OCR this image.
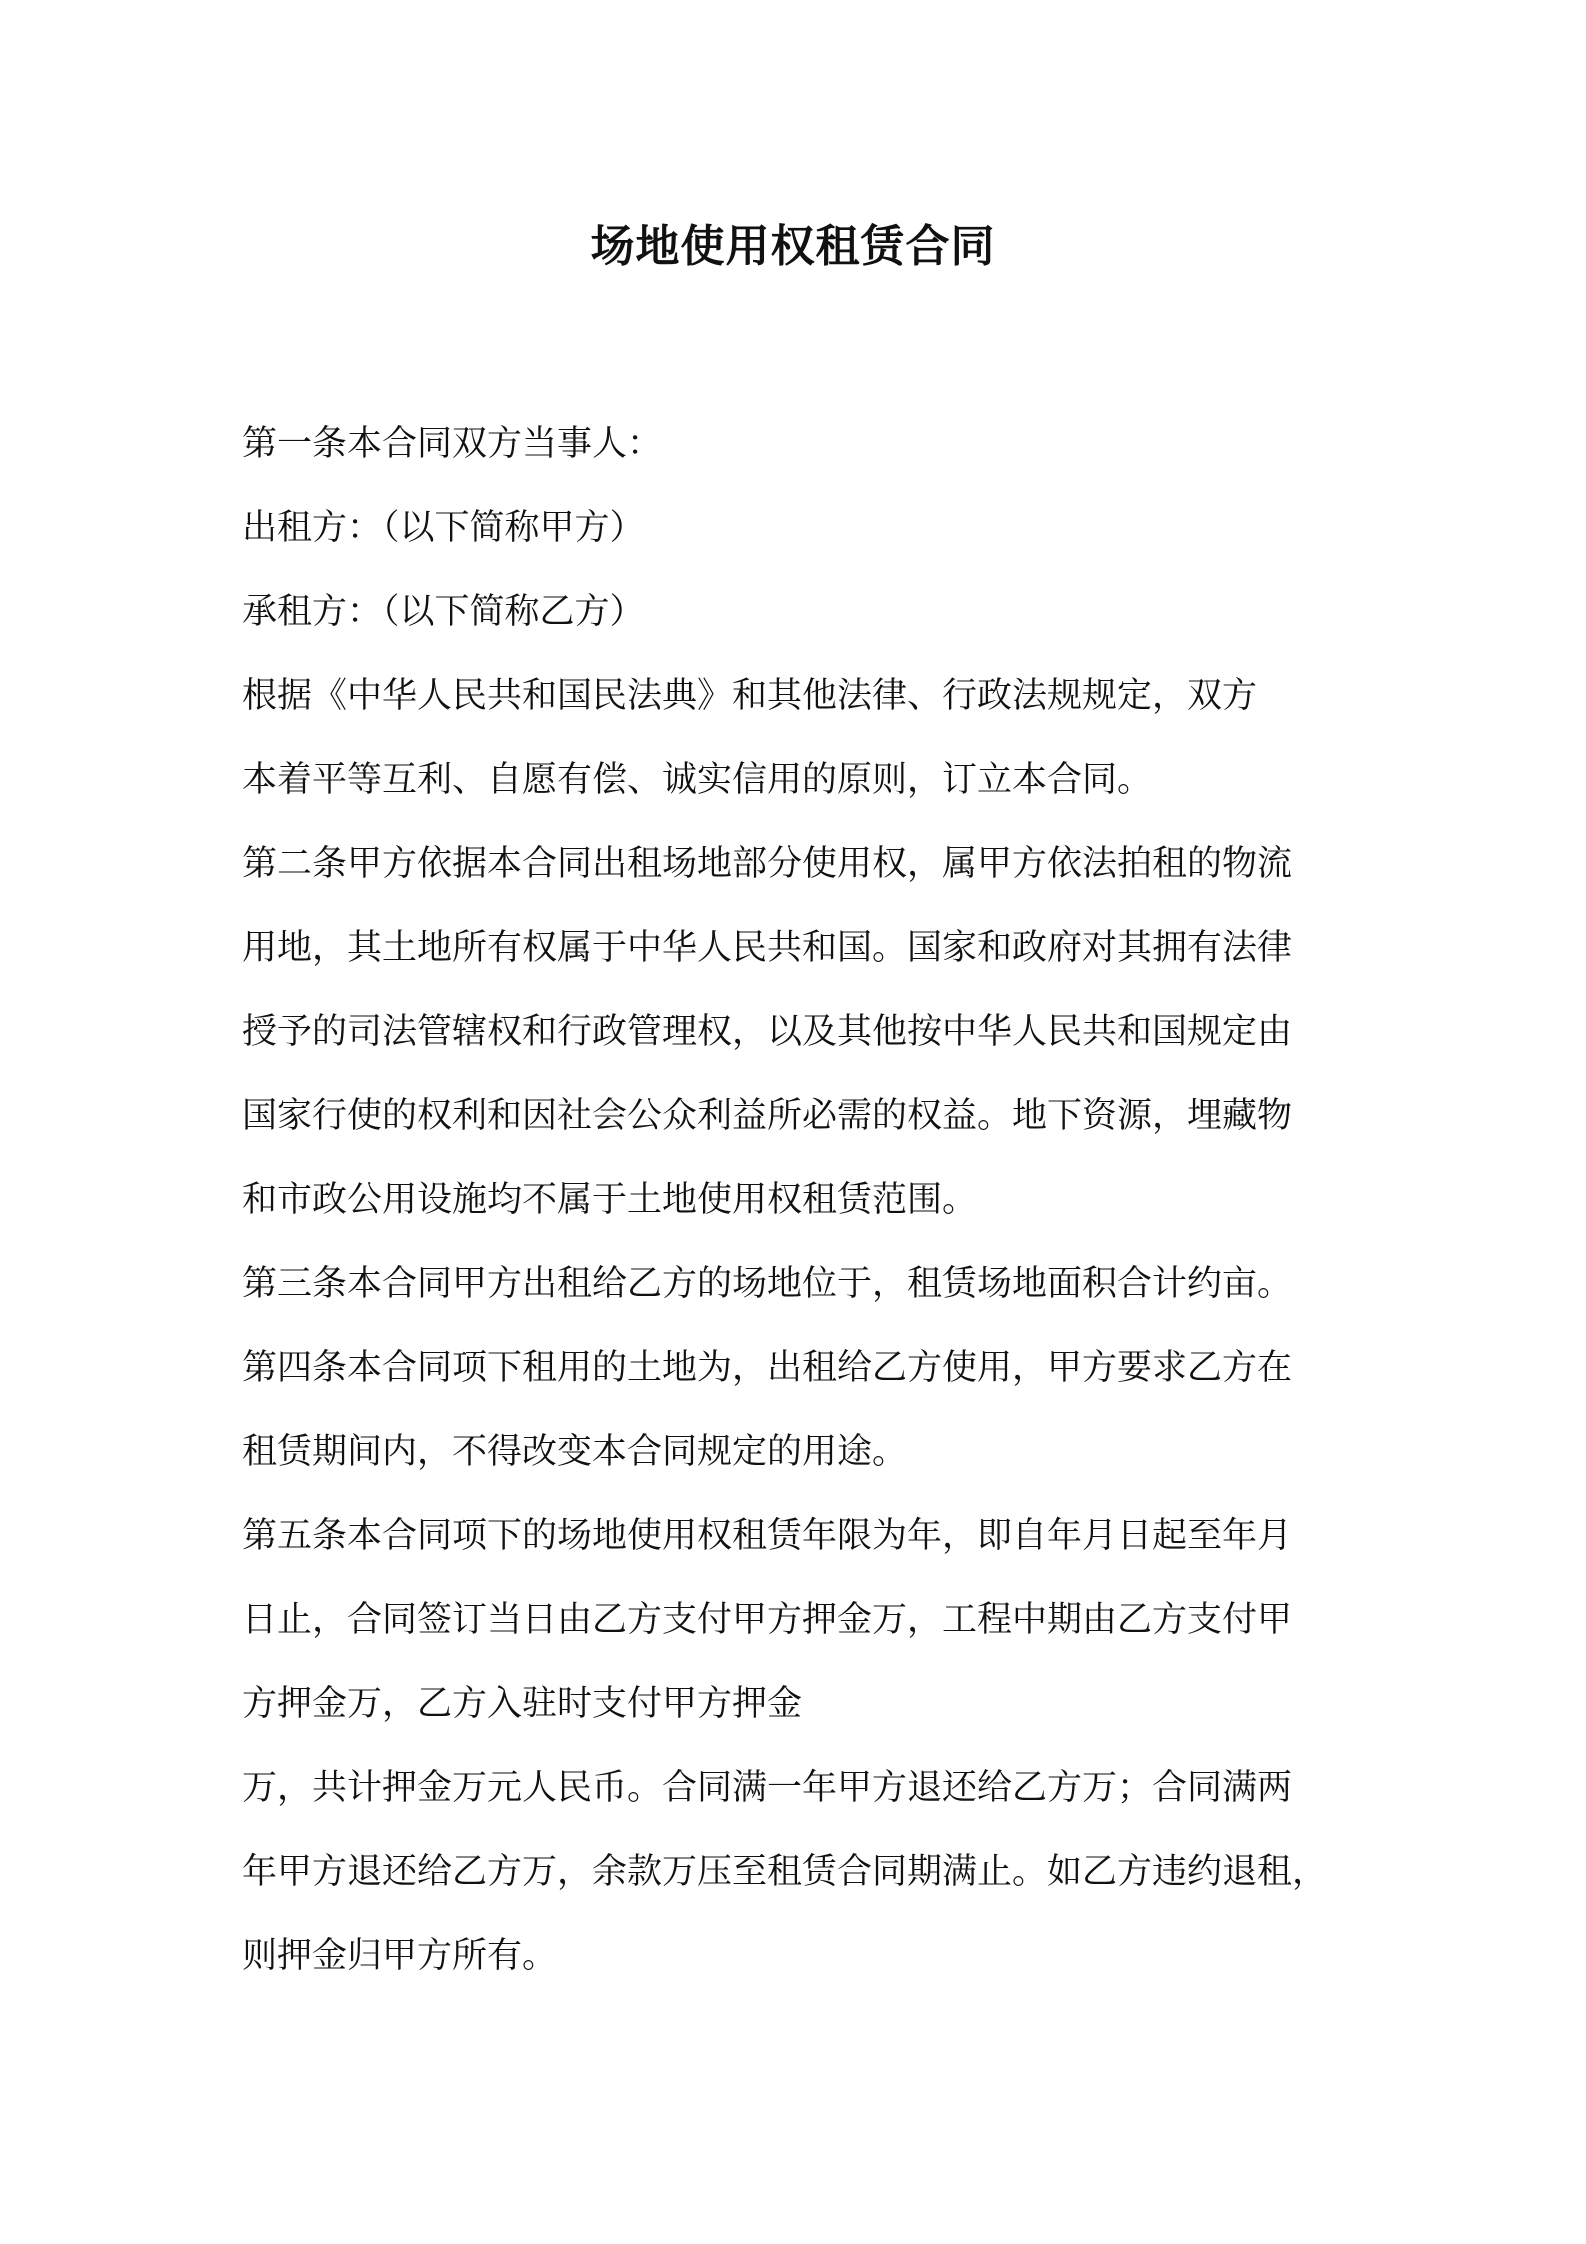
场地使用权租赁合同
第一条本合同双方当事人：
出租方：（以下简称甲方）
承租方：（以下简称乙方）
根据《中华人民共和国民法典》和其他法律、行政法规规定，双方
本着平等互利、自愿有偿、诚实信用的原则，订立本合同。
第二条甲方依据本合同出租场地部分使用权，属甲方依法拍租的物流
用地，其土地所有权属于中华人民共和国。国家和政府对其拥有法律
授予的司法管辖权和行政管理权，以及其他按中华人民共和国规定由
国家行使的权利和因社会公众利益所必需的权益。地下资源，埋藏物
和市政公用设施均不属于土地使用权租赁范围。
第三条本合同甲方出租给乙方的场地位于，租赁场地面积合计约亩。
第四条本合同项下租用的土地为，出租给乙方使用，甲方要求乙方在
租赁期间内，不得改变本合同规定的用途。
第五条本合同项下的场地使用权租赁年限为年，即自年月日起至年月
日止，合同签订当日由乙方支付甲方押金万，工程中期由乙方支付甲
方押金万，乙方入驻时支付甲方押金
万，共计押金万元人民币。合同满一年甲方退还给乙方万；合同满两
年甲方退还给乙方万，余款万压至租赁合同期满止。如乙方违约退租，
则押金归甲方所有。
